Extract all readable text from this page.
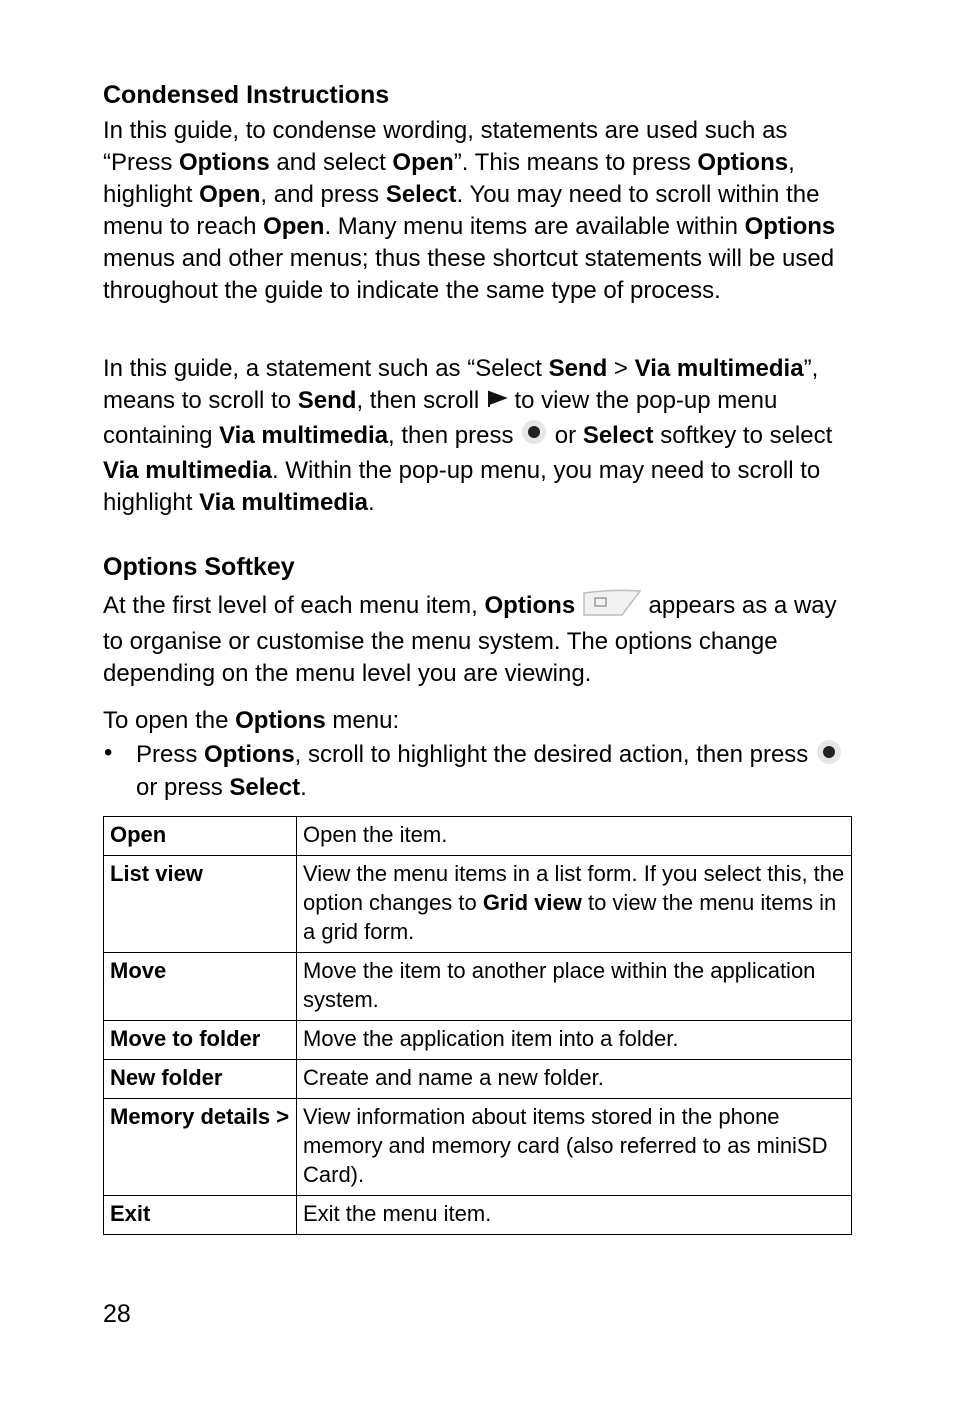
Condensed Instructions

In this guide, to condense wording, statements are used such as “Press Options and select Open”. This means to press Options, highlight Open, and press Select. You may need to scroll within the menu to reach Open. Many menu items are available within Options menus and other menus; thus these shortcut statements will be used throughout the guide to indicate the same type of process.

In this guide, a statement such as “Select Send > Via multimedia”, means to scroll to Send, then scroll  to view the pop-up menu containing Via multimedia, then press  or Select softkey to select Via multimedia. Within the pop-up menu, you may need to scroll to highlight Via multimedia.

Options Softkey

At the first level of each menu item, Options	appears as a way to organise or customise the menu system. The options change depending on the menu level you are viewing.

To open the Options menu:

• Press Options, scroll to highlight the desired action, then press  or press Select.
Open	Open the item.
List view	View the menu items in a list form. If you select this, the option changes to Grid view to view the menu items in a grid form.
Move	Move the item to another place within the application system.
Move to folder	Move the application item into a folder.
New folder	Create and name a new folder.
Memory details >	View information about items stored in the phone memory and memory card (also referred to as miniSD Card).
Exit	Exit the menu item.
28
